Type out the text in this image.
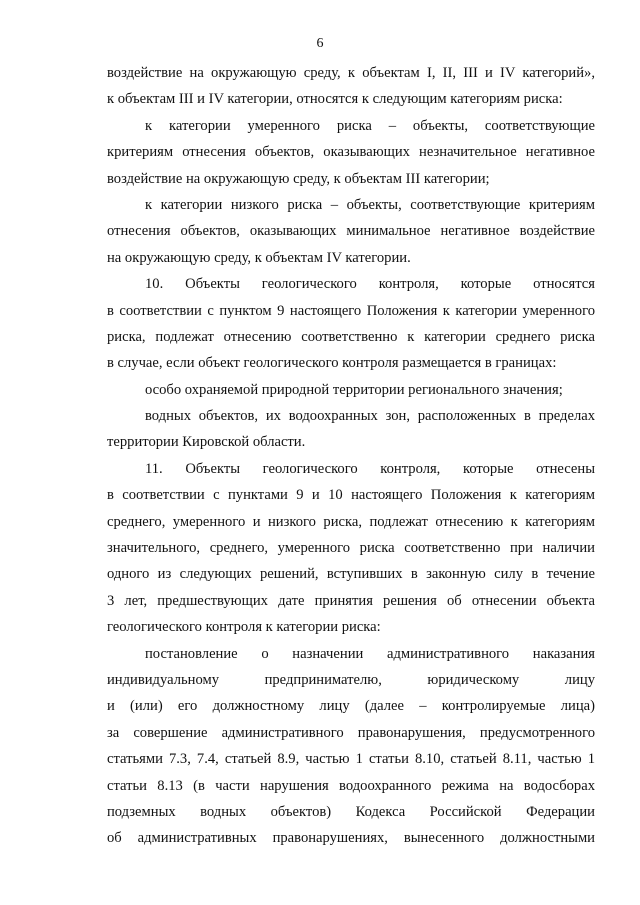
6
воздействие на окружающую среду, к объектам I, II, III и IV категорий»,
к объектам III и IV категории, относятся к следующим категориям риска:
к категории умеренного риска – объекты, соответствующие
критериям отнесения объектов, оказывающих незначительное негативное
воздействие на окружающую среду, к объектам III категории;
к категории низкого риска – объекты, соответствующие критериям
отнесения объектов, оказывающих минимальное негативное воздействие
на окружающую среду, к объектам IV категории.
10. Объекты геологического контроля, которые относятся
в соответствии с пунктом 9 настоящего Положения к категории умеренного
риска, подлежат отнесению соответственно к категории среднего риска
в случае, если объект геологического контроля размещается в границах:
особо охраняемой природной территории регионального значения;
водных объектов, их водоохранных зон, расположенных в пределах
территории Кировской области.
11. Объекты геологического контроля, которые отнесены
в соответствии с пунктами 9 и 10 настоящего Положения к категориям
среднего, умеренного и низкого риска, подлежат отнесению к категориям
значительного, среднего, умеренного риска соответственно при наличии
одного из следующих решений, вступивших в законную силу в течение
3 лет, предшествующих дате принятия решения об отнесении объекта
геологического контроля к категории риска:
постановление о назначении административного наказания
индивидуальному предпринимателю, юридическому лицу
и (или) его должностному лицу (далее – контролируемые лица)
за совершение административного правонарушения, предусмотренного
статьями 7.3, 7.4, статьей 8.9, частью 1 статьи 8.10, статьей 8.11, частью 1
статьи 8.13 (в части нарушения водоохранного режима на водосборах
подземных водных объектов) Кодекса Российской Федерации
об административных правонарушениях, вынесенного должностными
